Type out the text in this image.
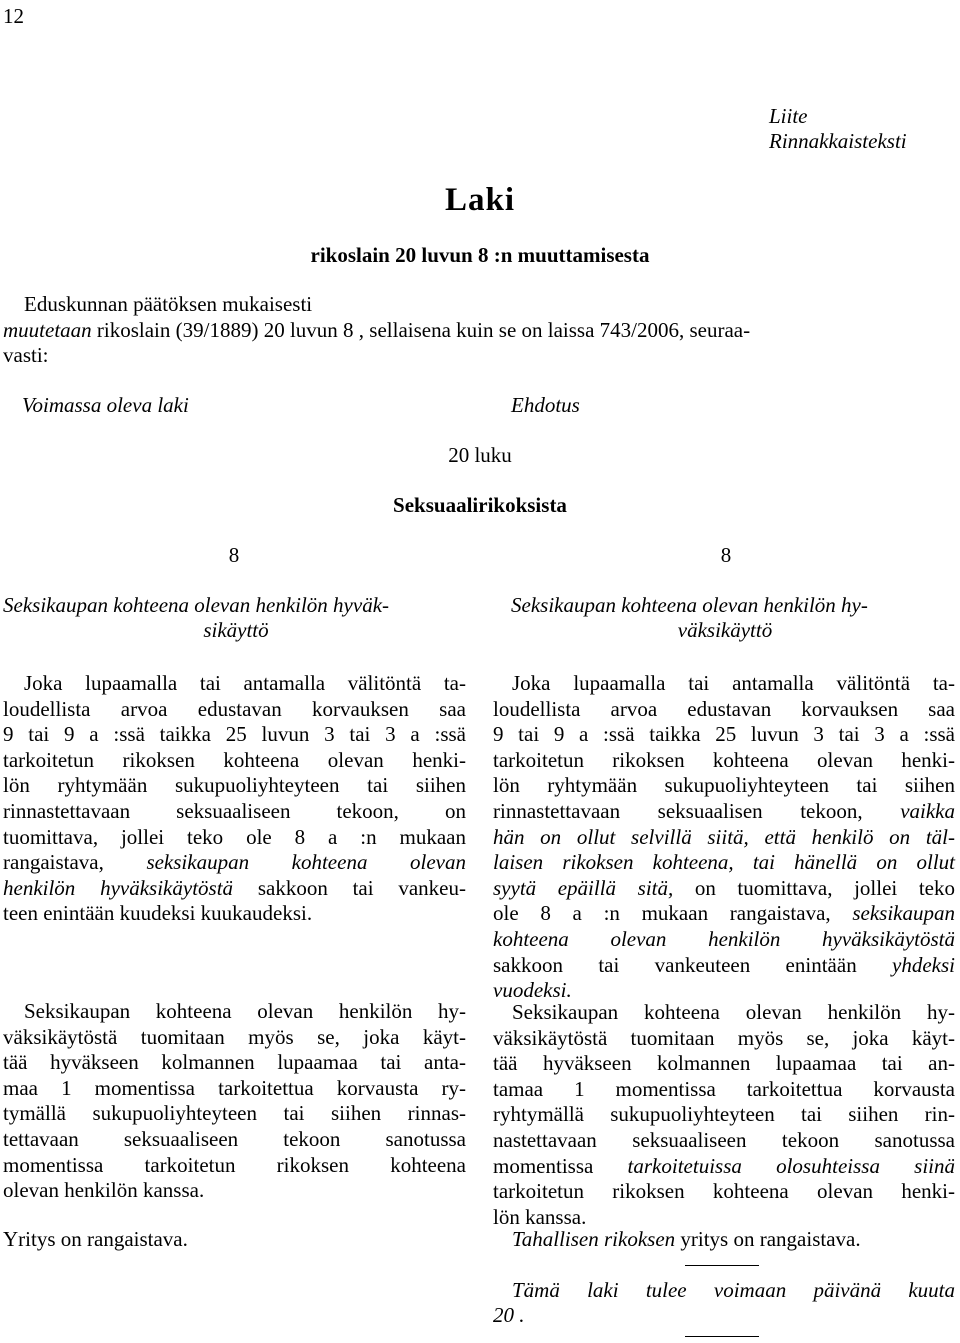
12
Liite
Rinnakkaisteksti
Laki
rikoslain 20 luvun 8 :n muuttamisesta
Eduskunnan päätöksen mukaisesti
muutetaan rikoslain (39/1889) 20 luvun 8 , sellaisena kuin se on laissa 743/2006, seuraa-
vasti:
Voimassa oleva laki	Ehdotus
20 luku
Seksuaalirikoksista
8
Seksikaupan kohteena olevan henkilön hyväk-
sikäyttö
Joka lupaamalla tai antamalla välitöntä ta-
loudellista arvoa edustavan korvauksen saa
9 tai 9 a :ssä taikka 25 luvun 3 tai 3 a :ssä
tarkoitetun rikoksen kohteena olevan henki-
lön ryhtymään sukupuoliyhteyteen tai siihen
rinnastettavaan seksuaaliseen tekoon, on
tuomittava, jollei teko ole 8 a :n mukaan
rangaistava, seksikaupan kohteena olevan
henkilön hyväksikäytöstä sakkoon tai vankeu-
teen enintään kuudeksi kuukaudeksi.
Seksikaupan kohteena olevan henkilön hy-
väksikäytöstä tuomitaan myös se, joka käyt-
tää hyväkseen kolmannen lupaamaa tai anta-
maa 1 momentissa tarkoitettua korvausta ry-
tymällä sukupuoliyhteyteen tai siihen rinnas-
tettavaan seksuaaliseen tekoon sanotussa
momentissa tarkoitetun rikoksen kohteena
olevan henkilön kanssa.
Yritys on rangaistava.
8
Seksikaupan kohteena olevan henkilön hy-
väksikäyttö
Joka lupaamalla tai antamalla välitöntä ta-
loudellista arvoa edustavan korvauksen saa
9 tai 9 a :ssä taikka 25 luvun 3 tai 3 a :ssä
tarkoitetun rikoksen kohteena olevan henki-
lön ryhtymään sukupuoliyhteyteen tai siihen
rinnastettavaan seksuaalisen tekoon, vaikka
hän on ollut selvillä siitä, että henkilö on täl-
laisen rikoksen kohteena, tai hänellä on ollut
syytä epäillä sitä, on tuomittava, jollei teko
ole 8 a :n mukaan rangaistava, seksikaupan
kohteena olevan henkilön hyväksikäytöstä
sakkoon tai vankeuteen enintään yhdeksi
vuodeksi.
Seksikaupan kohteena olevan henkilön hy-
väksikäytöstä tuomitaan myös se, joka käyt-
tää hyväkseen kolmannen lupaamaa tai an-
tamaa 1 momentissa tarkoitettua korvausta
ryhtymällä sukupuoliyhteyteen tai siihen rin-
nastettavaan seksuaaliseen tekoon sanotussa
momentissa tarkoitetuissa olosuhteissa siinä
tarkoitetun rikoksen kohteena olevan henki-
lön kanssa.
Tahallisen rikoksen yritys on rangaistava.
Tämä laki tulee voimaan päivänä kuuta
20 .
